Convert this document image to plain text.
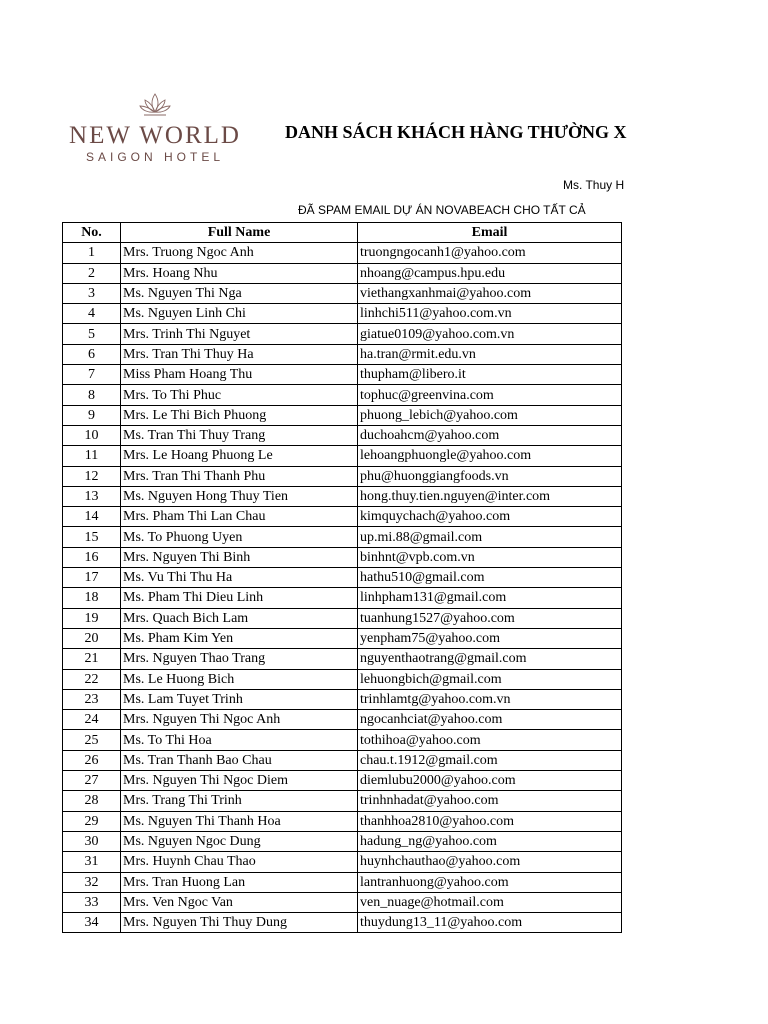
NEW WORLD
SAIGON HOTEL
DANH SÁCH KHÁCH HÀNG THƯỜNG X
Ms. Thuy H
ĐÃ SPAM EMAIL DỰ ÁN NOVABEACH CHO TẤT CẢ
No.	Full Name	Email
1	Mrs. Truong Ngoc Anh	truongngocanh1@yahoo.com
2	Mrs. Hoang Nhu	nhoang@campus.hpu.edu
3	Ms. Nguyen Thi Nga	viethangxanhmai@yahoo.com
4	Ms. Nguyen Linh Chi	linhchi511@yahoo.com.vn
5	Mrs. Trinh Thi Nguyet	giatue0109@yahoo.com.vn
6	Mrs. Tran Thi Thuy Ha	ha.tran@rmit.edu.vn
7	Miss Pham Hoang Thu	thupham@libero.it
8	Mrs. To Thi Phuc	tophuc@greenvina.com
9	Mrs. Le Thi Bich Phuong	phuong_lebich@yahoo.com
10	Ms. Tran Thi Thuy Trang	duchoahcm@yahoo.com
11	Mrs. Le Hoang Phuong Le	lehoangphuongle@yahoo.com
12	Mrs. Tran Thi Thanh Phu	phu@huonggiangfoods.vn
13	Ms. Nguyen Hong Thuy Tien	hong.thuy.tien.nguyen@inter.com
14	Mrs. Pham Thi Lan Chau	kimquychach@yahoo.com
15	Ms. To Phuong Uyen	up.mi.88@gmail.com
16	Mrs. Nguyen Thi Binh	binhnt@vpb.com.vn
17	Ms. Vu Thi Thu Ha	hathu510@gmail.com
18	Ms. Pham Thi Dieu Linh	linhpham131@gmail.com
19	Mrs. Quach Bich Lam	tuanhung1527@yahoo.com
20	Ms. Pham Kim Yen	yenpham75@yahoo.com
21	Mrs. Nguyen Thao Trang	nguyenthaotrang@gmail.com
22	Ms. Le Huong Bich	lehuongbich@gmail.com
23	Ms. Lam Tuyet Trinh	trinhlamtg@yahoo.com.vn
24	Mrs. Nguyen Thi Ngoc Anh	ngocanhciat@yahoo.com
25	Ms. To Thi Hoa	tothihoa@yahoo.com
26	Ms. Tran Thanh Bao Chau	chau.t.1912@gmail.com
27	Mrs. Nguyen Thi Ngoc Diem	diemlubu2000@yahoo.com
28	Mrs. Trang Thi Trinh	trinhnhadat@yahoo.com
29	Ms. Nguyen Thi Thanh Hoa	thanhhoa2810@yahoo.com
30	Ms. Nguyen Ngoc Dung	hadung_ng@yahoo.com
31	Mrs. Huynh Chau Thao	huynhchauthao@yahoo.com
32	Mrs. Tran Huong Lan	lantranhuong@yahoo.com
33	Mrs. Ven Ngoc Van	ven_nuage@hotmail.com
34	Mrs. Nguyen Thi Thuy Dung	thuydung13_11@yahoo.com
